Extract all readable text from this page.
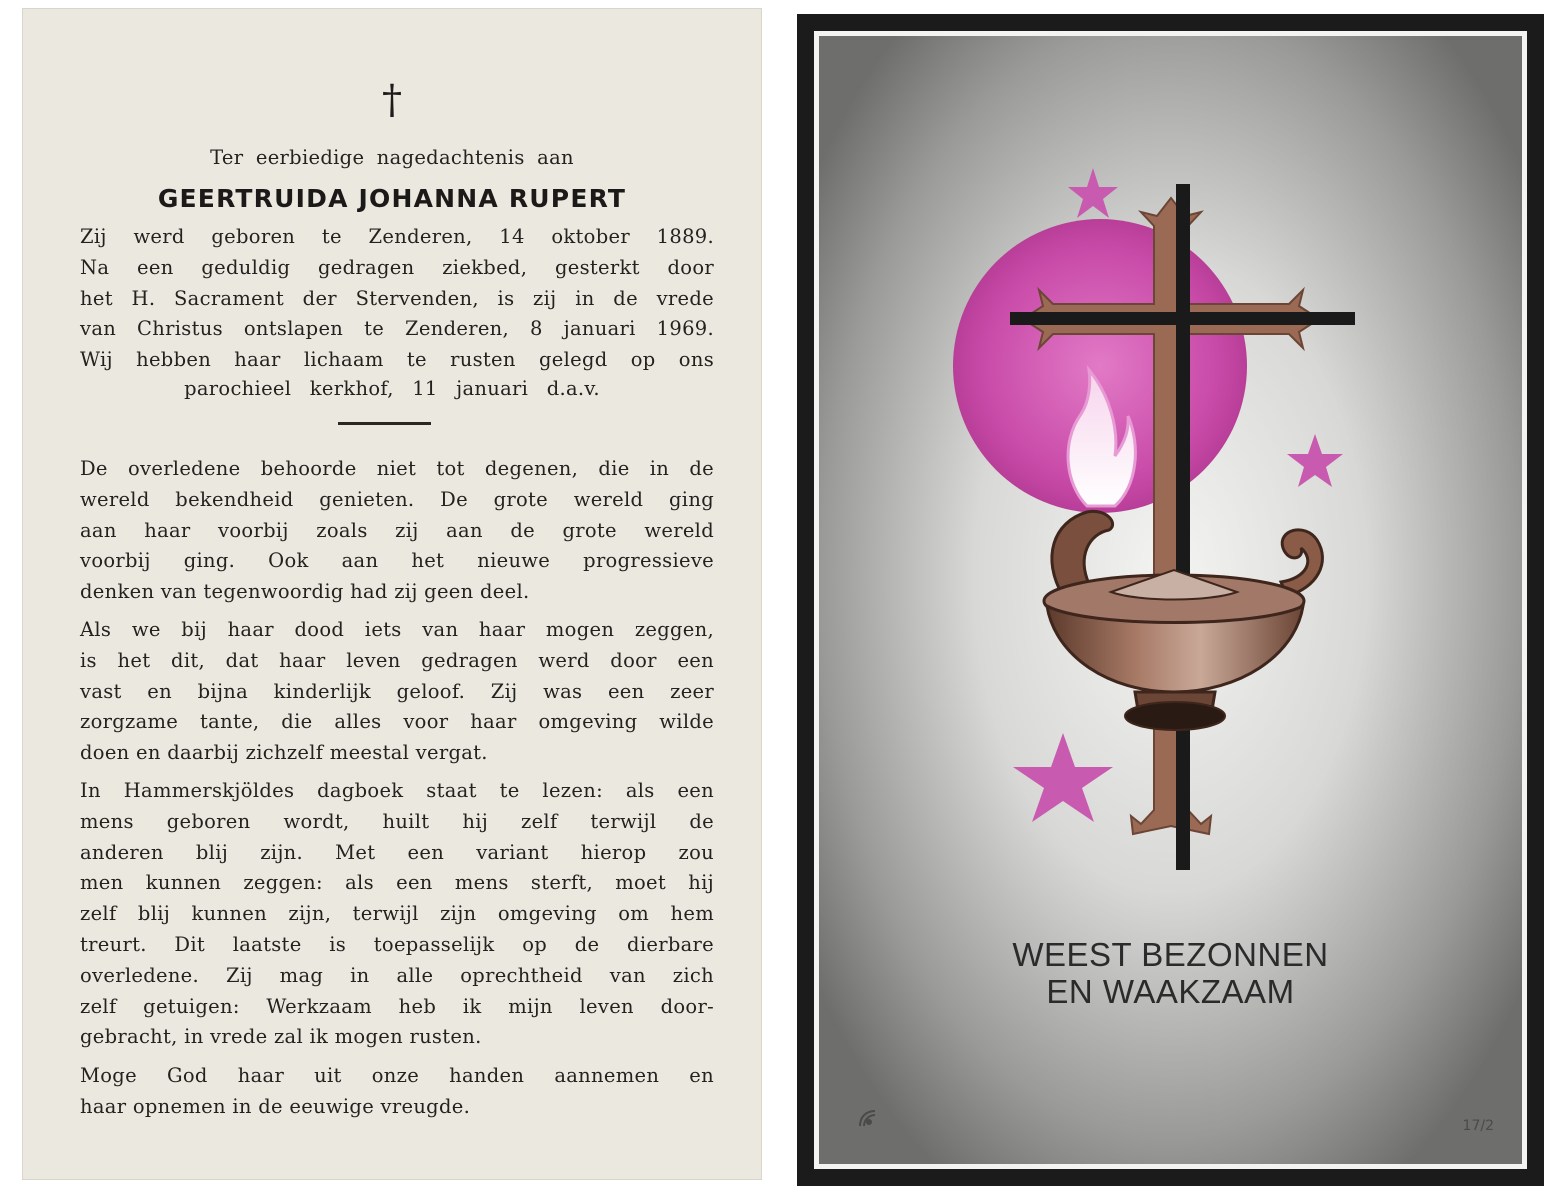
†
Ter eerbiedige nagedachtenis aan
GEERTRUIDA JOHANNA RUPERT
Zij werd geboren te Zenderen, 14 oktober 1889.
Na een geduldig gedragen ziekbed, gesterkt door
het H. Sacrament der Stervenden, is zij in de vrede
van Christus ontslapen te Zenderen, 8 januari 1969.
Wij hebben haar lichaam te rusten gelegd op ons
parochieel kerkhof, 11 januari d.a.v.
De overledene behoorde niet tot degenen, die in de
wereld bekendheid genieten. De grote wereld ging
aan haar voorbij zoals zij aan de grote wereld
voorbij ging. Ook aan het nieuwe progressieve
denken van tegenwoordig had zij geen deel.
Als we bij haar dood iets van haar mogen zeggen,
is het dit, dat haar leven gedragen werd door een
vast en bijna kinderlijk geloof. Zij was een zeer
zorgzame tante, die alles voor haar omgeving wilde
doen en daarbij zichzelf meestal vergat.
In Hammerskjöldes dagboek staat te lezen: als een
mens geboren wordt, huilt hij zelf terwijl de
anderen blij zijn. Met een variant hierop zou
men kunnen zeggen: als een mens sterft, moet hij
zelf blij kunnen zijn, terwijl zijn omgeving om hem
treurt. Dit laatste is toepasselijk op de dierbare
overledene. Zij mag in alle oprechtheid van zich
zelf getuigen: Werkzaam heb ik mijn leven door-
gebracht, in vrede zal ik mogen rusten.
Moge God haar uit onze handen aannemen en
haar opnemen in de eeuwige vreugde.
WEEST BEZONNEN
EN WAAKZAAM
17/2
